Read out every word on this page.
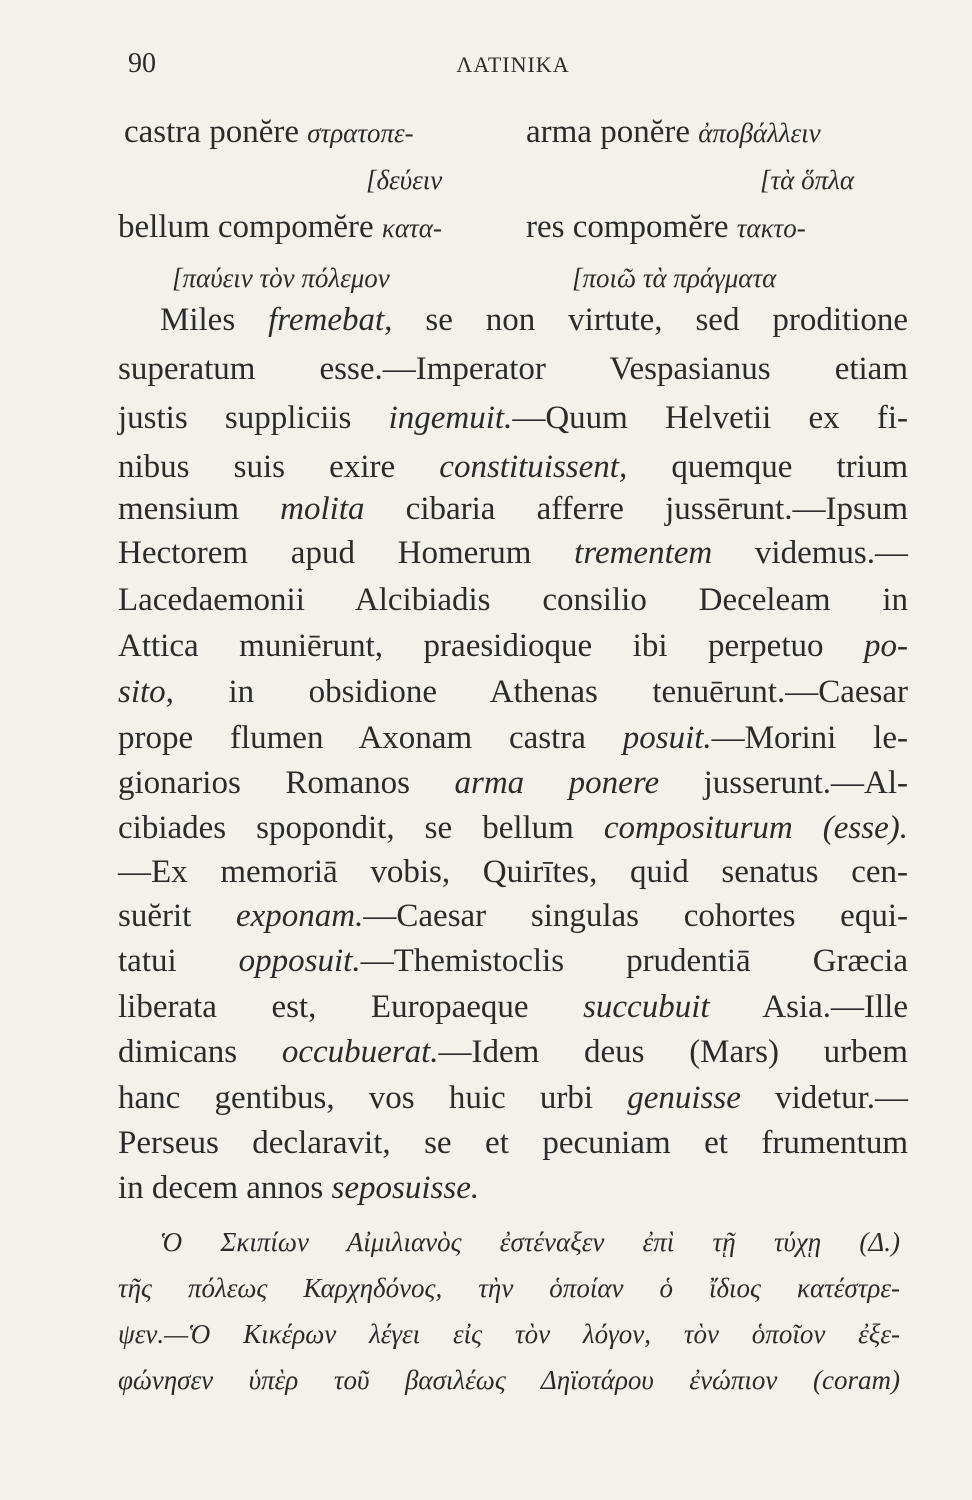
90	ΛΑΤΙΝΙΚΑ
castra ponĕre στρατοπε-	arma ponĕre ἀποβάλλειν
[δεύειν	[τὰ ὅπλα
bellum compomĕre κατα-	res compomĕre τακτο-
[παύειν τὸν πόλεμον	[ποιῶ τὰ πράγματα
Miles fremebat, se non virtute, sed proditione
superatum esse.—Imperator Vespasianus etiam
justis suppliciis ingemuit.—Quum Helvetii ex fi-
nibus suis exire constituissent, quemque trium
mensium molita cibaria afferre jussērunt.—Ipsum
Hectorem apud Homerum trementem videmus.—
Lacedaemonii Alcibiadis consilio Deceleam in
Attica muniērunt, praesidioque ibi perpetuo po-
sito, in obsidione Athenas tenuērunt.—Caesar
prope flumen Axonam castra posuit.—Morini le-
gionarios Romanos arma ponere jusserunt.—Al-
cibiades spopondit, se bellum compositurum (esse).
—Ex memoriā vobis, Quirītes, quid senatus cen-
suĕrit exponam.—Caesar singulas cohortes equi-
tatui opposuit.—Themistoclis prudentiā Græcia
liberata est, Europaeque succubuit Asia.—Ille
dimicans occubuerat.—Idem deus (Mars) urbem
hanc gentibus, vos huic urbi genuisse videtur.—
Perseus declaravit, se et pecuniam et frumentum
in decem annos seposuisse.
Ὁ Σκιπίων Αἰμιλιανὸς ἐστέναξεν ἐπὶ τῇ τύχῃ (Δ.)
τῆς πόλεως Καρχηδόνος, τὴν ὁποίαν ὁ ἴδιος κατέστρε-
ψεν.—Ὁ Κικέρων λέγει εἰς τὸν λόγον, τὸν ὁποῖον ἐξε-
φώνησεν ὑπὲρ τοῦ βασιλέως Δηϊοτάρου ἐνώπιον (coram)
